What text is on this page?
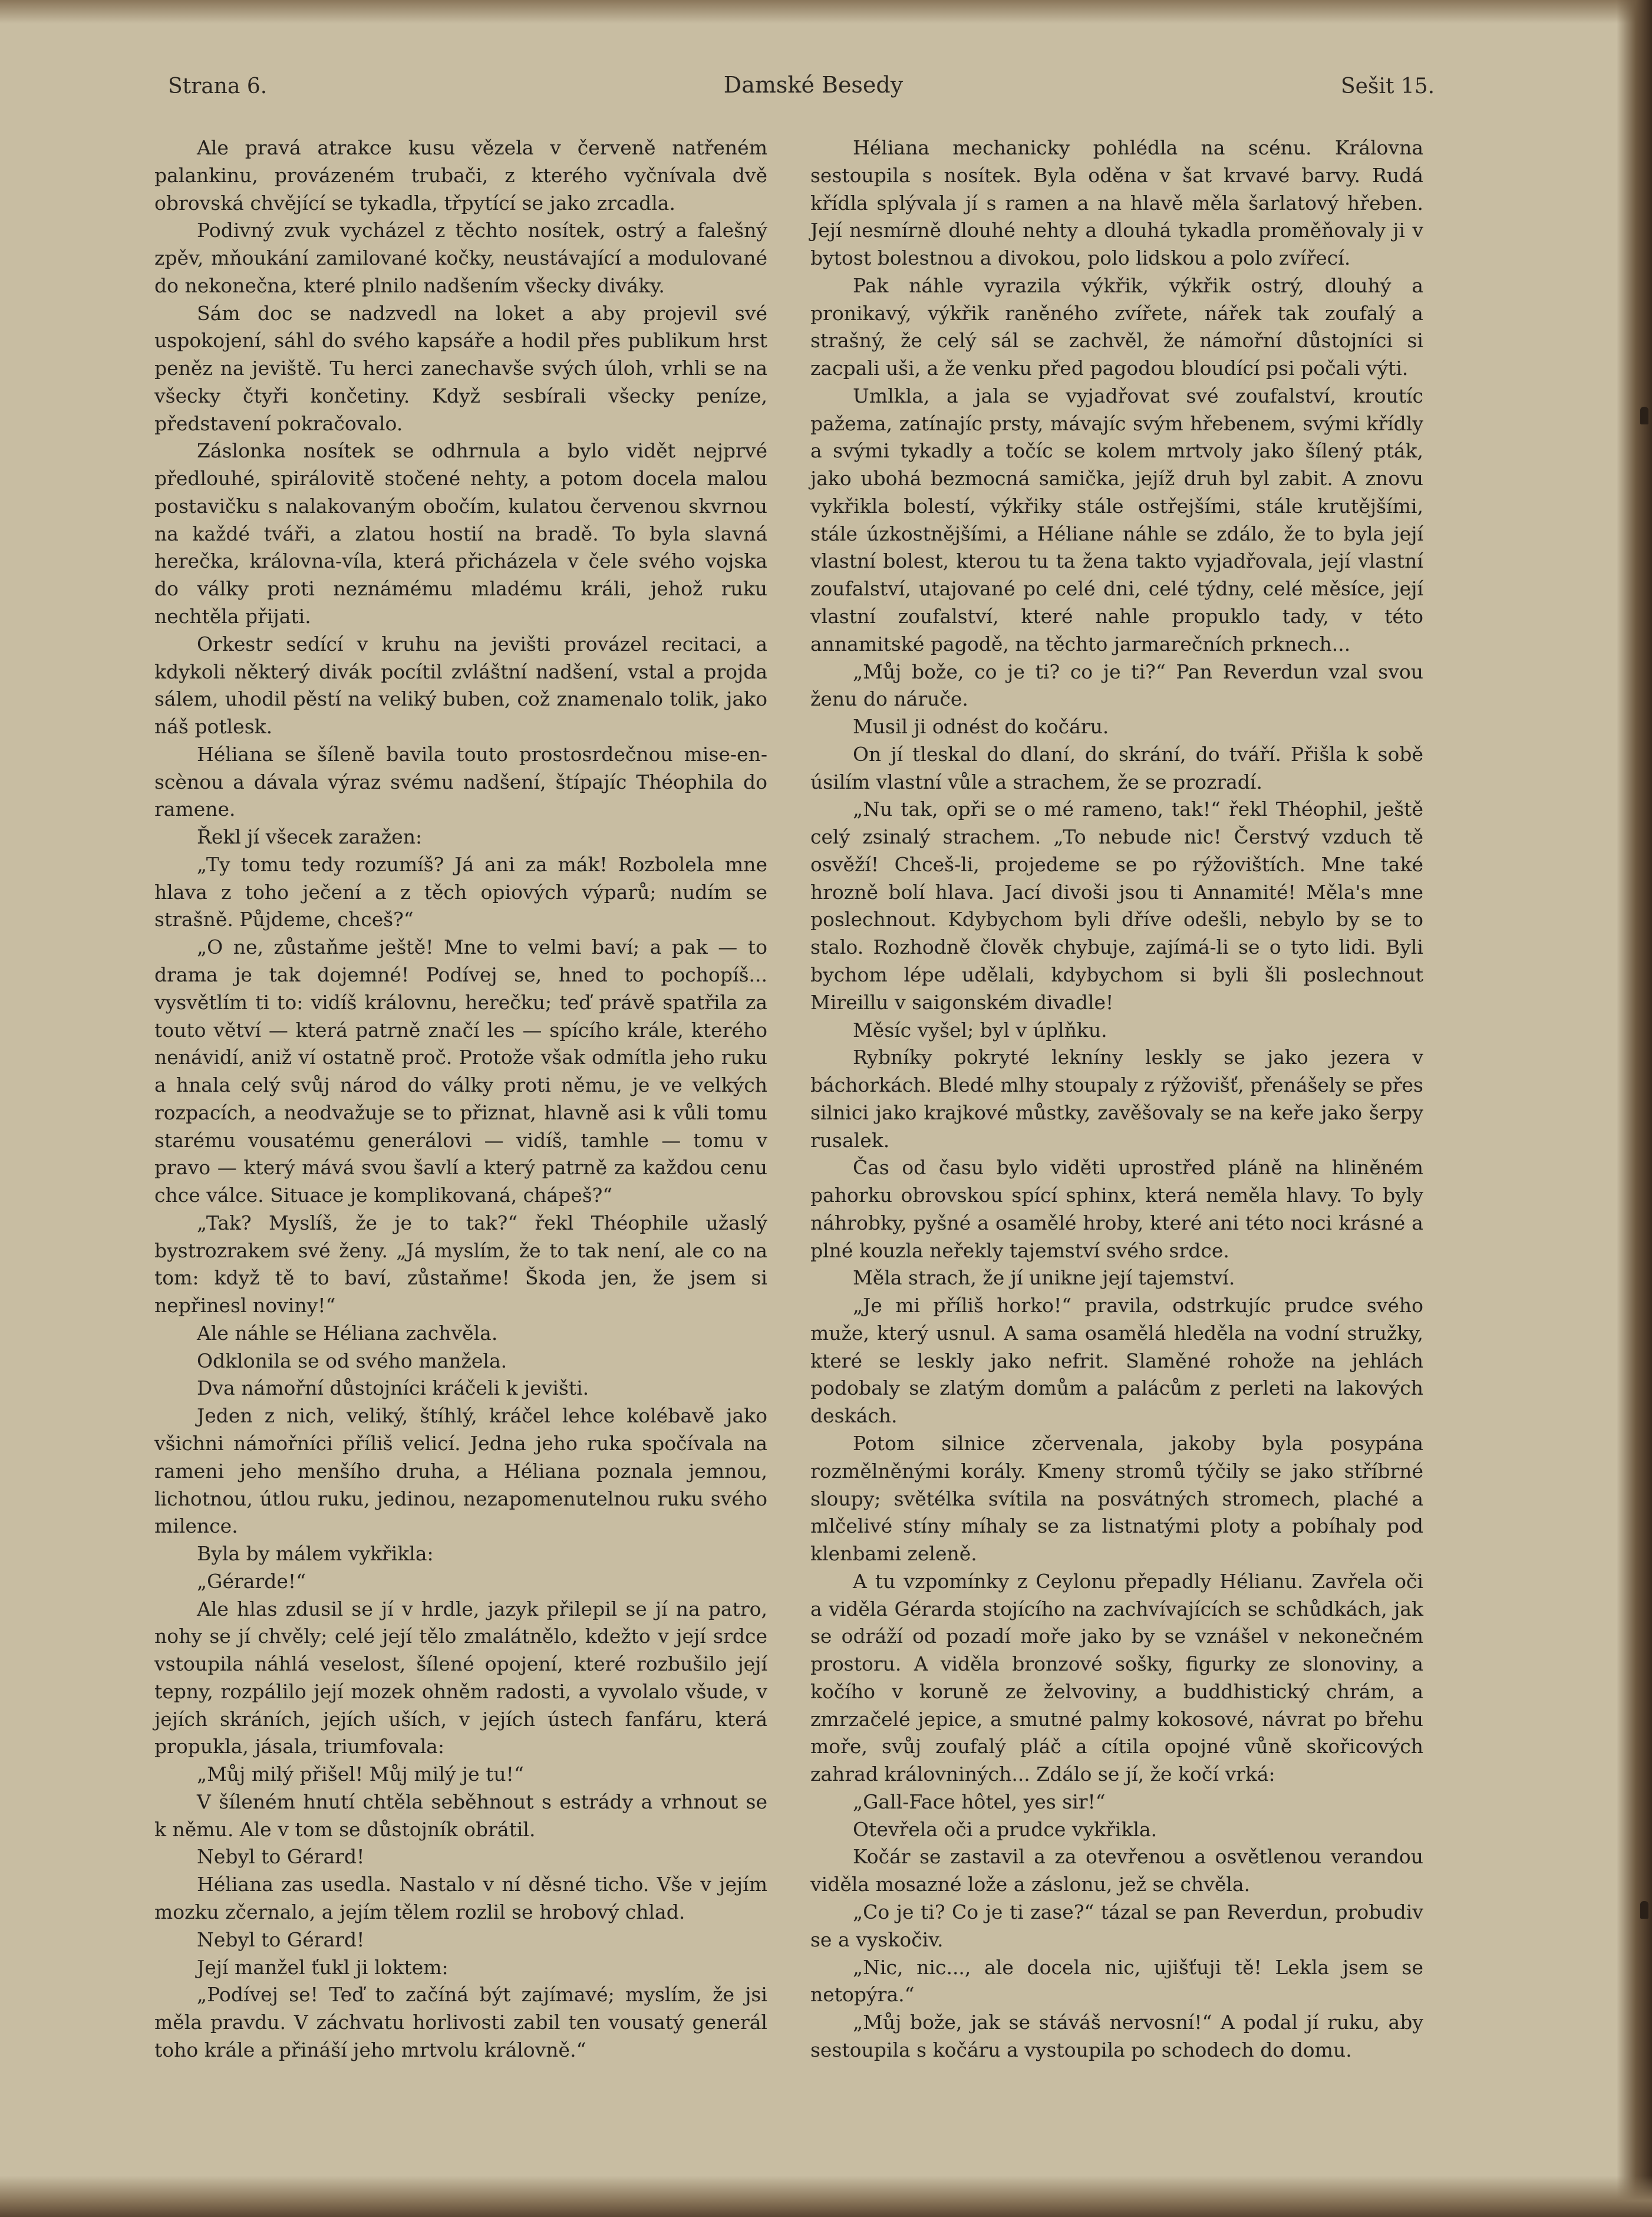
Strana 6.	Damské Besedy	Sešit 15.

Ale pravá atrakce kusu vězela v červeně natřeném palankinu, provázeném trubači, z kterého vyčnívala dvě obrovská chvějící se tykadla, třpytící se jako zrcadla.

Podivný zvuk vycházel z těchto nosítek, ostrý a falešný zpěv, mňoukání zamilované kočky, neustávající a modulované do nekonečna, které plnilo nadšením všecky diváky.

Sám doc se nadzvedl na loket a aby projevil své uspokojení, sáhl do svého kapsáře a hodil přes publikum hrst peněz na jeviště. Tu herci zanechavše svých úloh, vrhli se na všecky čtyři končetiny. Když sesbírali všecky peníze, představení pokračovalo.

Záslonka nosítek se odhrnula a bylo vidět nejprvé předlouhé, spirálovitě stočené nehty, a potom docela malou postavičku s nalakovaným obočím, kulatou červenou skvrnou na každé tváři, a zlatou hostií na bradě. To byla slavná herečka, královna-víla, která přicházela v čele svého vojska do války proti neznámému mladému králi, jehož ruku nechtěla přijati.

Orkestr sedící v kruhu na jevišti provázel recitaci, a kdykoli některý divák pocítil zvláštní nadšení, vstal a projda sálem, uhodil pěstí na veliký buben, což znamenalo tolik, jako náš potlesk.

Héliana se šíleně bavila touto prostosrdečnou mise-en-scènou a dávala výraz svému nadšení, štípajíc Théophila do ramene.

Řekl jí všecek zaražen:

„Ty tomu tedy rozumíš? Já ani za mák! Rozbolela mne hlava z toho ječení a z těch opiových výparů; nudím se strašně. Půjdeme, chceš?“

„O ne, zůstaňme ještě! Mne to velmi baví; a pak — to drama je tak dojemné! Podívej se, hned to pochopíš... vysvětlím ti to: vidíš královnu, herečku; teď právě spatřila za touto větví — která patrně značí les — spícího krále, kterého nenávidí, aniž ví ostatně proč. Protože však odmítla jeho ruku a hnala celý svůj národ do války proti němu, je ve velkých rozpacích, a neodvažuje se to přiznat, hlavně asi k vůli tomu starému vousatému generálovi — vidíš, tamhle — tomu v pravo — který mává svou šavlí a který patrně za každou cenu chce válce. Situace je komplikovaná, chápeš?“

„Tak? Myslíš, že je to tak?“ řekl Théophile užaslý bystrozrakem své ženy. „Já myslím, že to tak není, ale co na tom: když tě to baví, zůstaňme! Škoda jen, že jsem si nepřinesl noviny!“

Ale náhle se Héliana zachvěla.

Odklonila se od svého manžela.

Dva námořní důstojníci kráčeli k jevišti.

Jeden z nich, veliký, štíhlý, kráčel lehce kolébavě jako všichni námořníci příliš velicí. Jedna jeho ruka spočívala na rameni jeho menšího druha, a Héliana poznala jemnou, lichotnou, útlou ruku, jedinou, nezapomenutelnou ruku svého milence.

Byla by málem vykřikla:

„Gérarde!“

Ale hlas zdusil se jí v hrdle, jazyk přilepil se jí na patro, nohy se jí chvěly; celé její tělo zmalátnělo, kdežto v její srdce vstoupila náhlá veselost, šílené opojení, které rozbušilo její tepny, rozpálilo její mozek ohněm radosti, a vyvolalo všude, v jejích skráních, jejích uších, v jejích ústech fanfáru, která propukla, jásala, triumfovala:

„Můj milý přišel! Můj milý je tu!“

V šíleném hnutí chtěla seběhnout s estrády a vrhnout se k němu. Ale v tom se důstojník obrátil.

Nebyl to Gérard!

Héliana zas usedla. Nastalo v ní děsné ticho. Vše v jejím mozku zčernalo, a jejím tělem rozlil se hrobový chlad.

Nebyl to Gérard!

Její manžel ťukl ji loktem:

„Podívej se! Teď to začíná být zajímavé; myslím, že jsi měla pravdu. V záchvatu horlivosti zabil ten vousatý generál toho krále a přináší jeho mrtvolu královně.“

Héliana mechanicky pohlédla na scénu. Královna sestoupila s nosítek. Byla oděna v šat krvavé barvy. Rudá křídla splývala jí s ramen a na hlavě měla šarlatový hřeben. Její nesmírně dlouhé nehty a dlouhá tykadla proměňovaly ji v bytost bolestnou a divokou, polo lidskou a polo zvířecí.

Pak náhle vyrazila výkřik, výkřik ostrý, dlouhý a pronikavý, výkřik raněného zvířete, nářek tak zoufalý a strašný, že celý sál se zachvěl, že námořní důstojníci si zacpali uši, a že venku před pagodou bloudící psi počali výti.

Umlkla, a jala se vyjadřovat své zoufalství, kroutíc pažema, zatínajíc prsty, mávajíc svým hřebenem, svými křídly a svými tykadly a točíc se kolem mrtvoly jako šílený pták, jako ubohá bezmocná samička, jejíž druh byl zabit. A znovu vykřikla bolestí, výkřiky stále ostřejšími, stále krutějšími, stále úzkostnějšími, a Héliane náhle se zdálo, že to byla její vlastní bolest, kterou tu ta žena takto vyjadřovala, její vlastní zoufalství, utajované po celé dni, celé týdny, celé měsíce, její vlastní zoufalství, které nahle propuklo tady, v této annamitské pagodě, na těchto jarmarečních prknech...

„Můj bože, co je ti? co je ti?“ Pan Reverdun vzal svou ženu do náruče.

Musil ji odnést do kočáru.

On jí tleskal do dlaní, do skrání, do tváří. Přišla k sobě úsilím vlastní vůle a strachem, že se prozradí.

„Nu tak, opři se o mé rameno, tak!“ řekl Théophil, ještě celý zsinalý strachem. „To nebude nic! Čerstvý vzduch tě osvěží! Chceš-li, projedeme se po rýžovištích. Mne také hrozně bolí hlava. Jací divoši jsou ti Annamité! Měla's mne poslechnout. Kdybychom byli dříve odešli, nebylo by se to stalo. Rozhodně člověk chybuje, zajímá-li se o tyto lidi. Byli bychom lépe udělali, kdybychom si byli šli poslechnout Mireillu v saigonském divadle!

Měsíc vyšel; byl v úplňku.

Rybníky pokryté lekníny leskly se jako jezera v báchorkách. Bledé mlhy stoupaly z rýžovišť, přenášely se přes silnici jako krajkové můstky, zavěšovaly se na keře jako šerpy rusalek.

Čas od času bylo viděti uprostřed pláně na hliněném pahorku obrovskou spící sphinx, která neměla hlavy. To byly náhrobky, pyšné a osamělé hroby, které ani této noci krásné a plné kouzla neřekly tajemství svého srdce.

Měla strach, že jí unikne její tajemství.

„Je mi příliš horko!“ pravila, odstrkujíc prudce svého muže, který usnul. A sama osamělá hleděla na vodní stružky, které se leskly jako nefrit. Slaměné rohože na jehlách podobaly se zlatým domům a palácům z perleti na lakových deskách.

Potom silnice zčervenala, jakoby byla posypána rozmělněnými korály. Kmeny stromů týčily se jako stříbrné sloupy; světélka svítila na posvátných stromech, plaché a mlčelivé stíny míhaly se za listnatými ploty a pobíhaly pod klenbami zeleně.

A tu vzpomínky z Ceylonu přepadly Hélianu. Zavřela oči a viděla Gérarda stojícího na zachvívajících se schůdkách, jak se odráží od pozadí moře jako by se vznášel v nekonečném prostoru. A viděla bronzové sošky, figurky ze slonoviny, a kočího v koruně ze želvoviny, a buddhistický chrám, a zmrzačelé jepice, a smutné palmy kokosové, návrat po břehu moře, svůj zoufalý pláč a cítila opojné vůně skořicových zahrad královniných... Zdálo se jí, že kočí vrká:

„Gall-Face hôtel, yes sir!“

Otevřela oči a prudce vykřikla.

Kočár se zastavil a za otevřenou a osvětlenou verandou viděla mosazné lože a záslonu, jež se chvěla.

„Co je ti? Co je ti zase?“ tázal se pan Reverdun, probudiv se a vyskočiv.

„Nic, nic..., ale docela nic, ujišťuji tě! Lekla jsem se netopýra.“

„Můj bože, jak se stáváš nervosní!“ A podal jí ruku, aby sestoupila s kočáru a vystoupila po schodech do domu.
